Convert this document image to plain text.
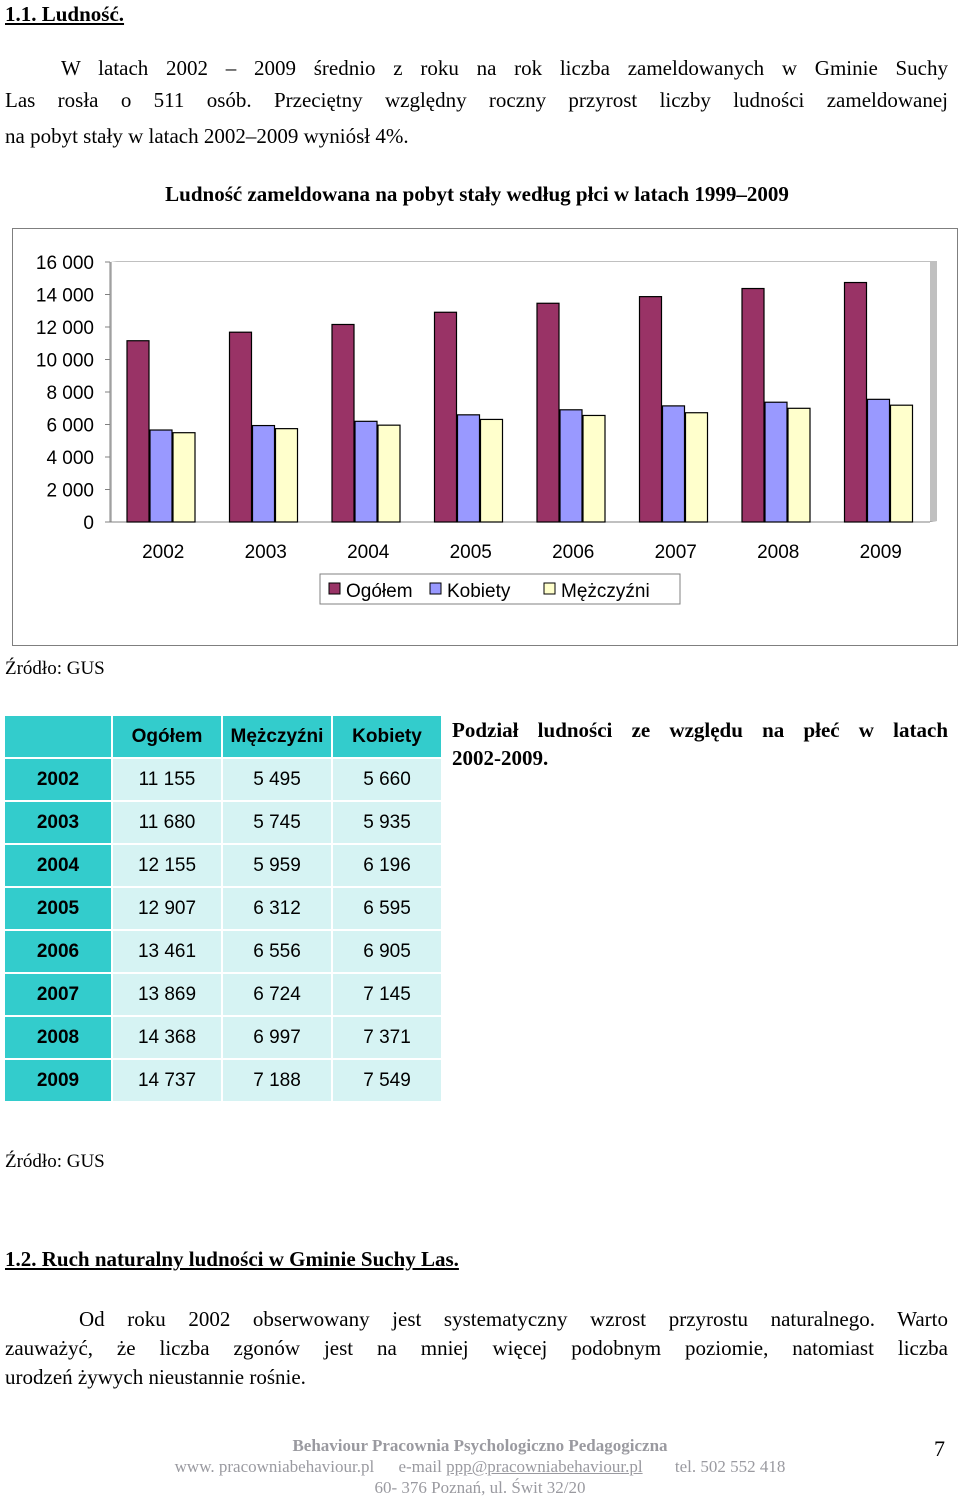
1.1. Ludność.
W latach 2002 – 2009 średnio z roku na rok liczba zameldowanych w Gminie Suchy
Las rosła o 511 osób. Przeciętny względny roczny przyrost liczby ludności zameldowanej
na pobyt stały w latach 2002–2009 wyniósł 4%.
Ludność zameldowana na pobyt stały według płci w latach 1999–2009
0
2 000
4 000
6 000
8 000
10 000
12 000
14 000
16 000
2002	2003	2004	2005	2006	2007	2008	2009
Ogółem Kobiety	Mężczyźni
Źródło: GUS
	Ogółem	Mężczyźni	Kobiety
2002	11 155	5 495	5 660
2003	11 680	5 745	5 935
2004	12 155	5 959	6 196
2005	12 907	6 312	6 595
2006	13 461	6 556	6 905
2007	13 869	6 724	7 145
2008	14 368	6 997	7 371
2009	14 737	7 188	7 549
Podział ludności ze względu na płeć w latach
2002-2009.
Źródło: GUS
1.2. Ruch naturalny ludności w Gminie Suchy Las.
Od roku 2002 obserwowany jest systematyczny wzrost przyrostu naturalnego. Warto
zauważyć, że liczba zgonów jest na mniej więcej podobnym poziomie, natomiast liczba
urodzeń żywych nieustannie rośnie.
Behaviour Pracownia Psychologiczno Pedagogiczna
www. pracowniabehaviour.pl e-mail ppp@pracowniabehaviour.pl tel. 502 552 418
60- 376 Poznań, ul. Świt 32/20
7
